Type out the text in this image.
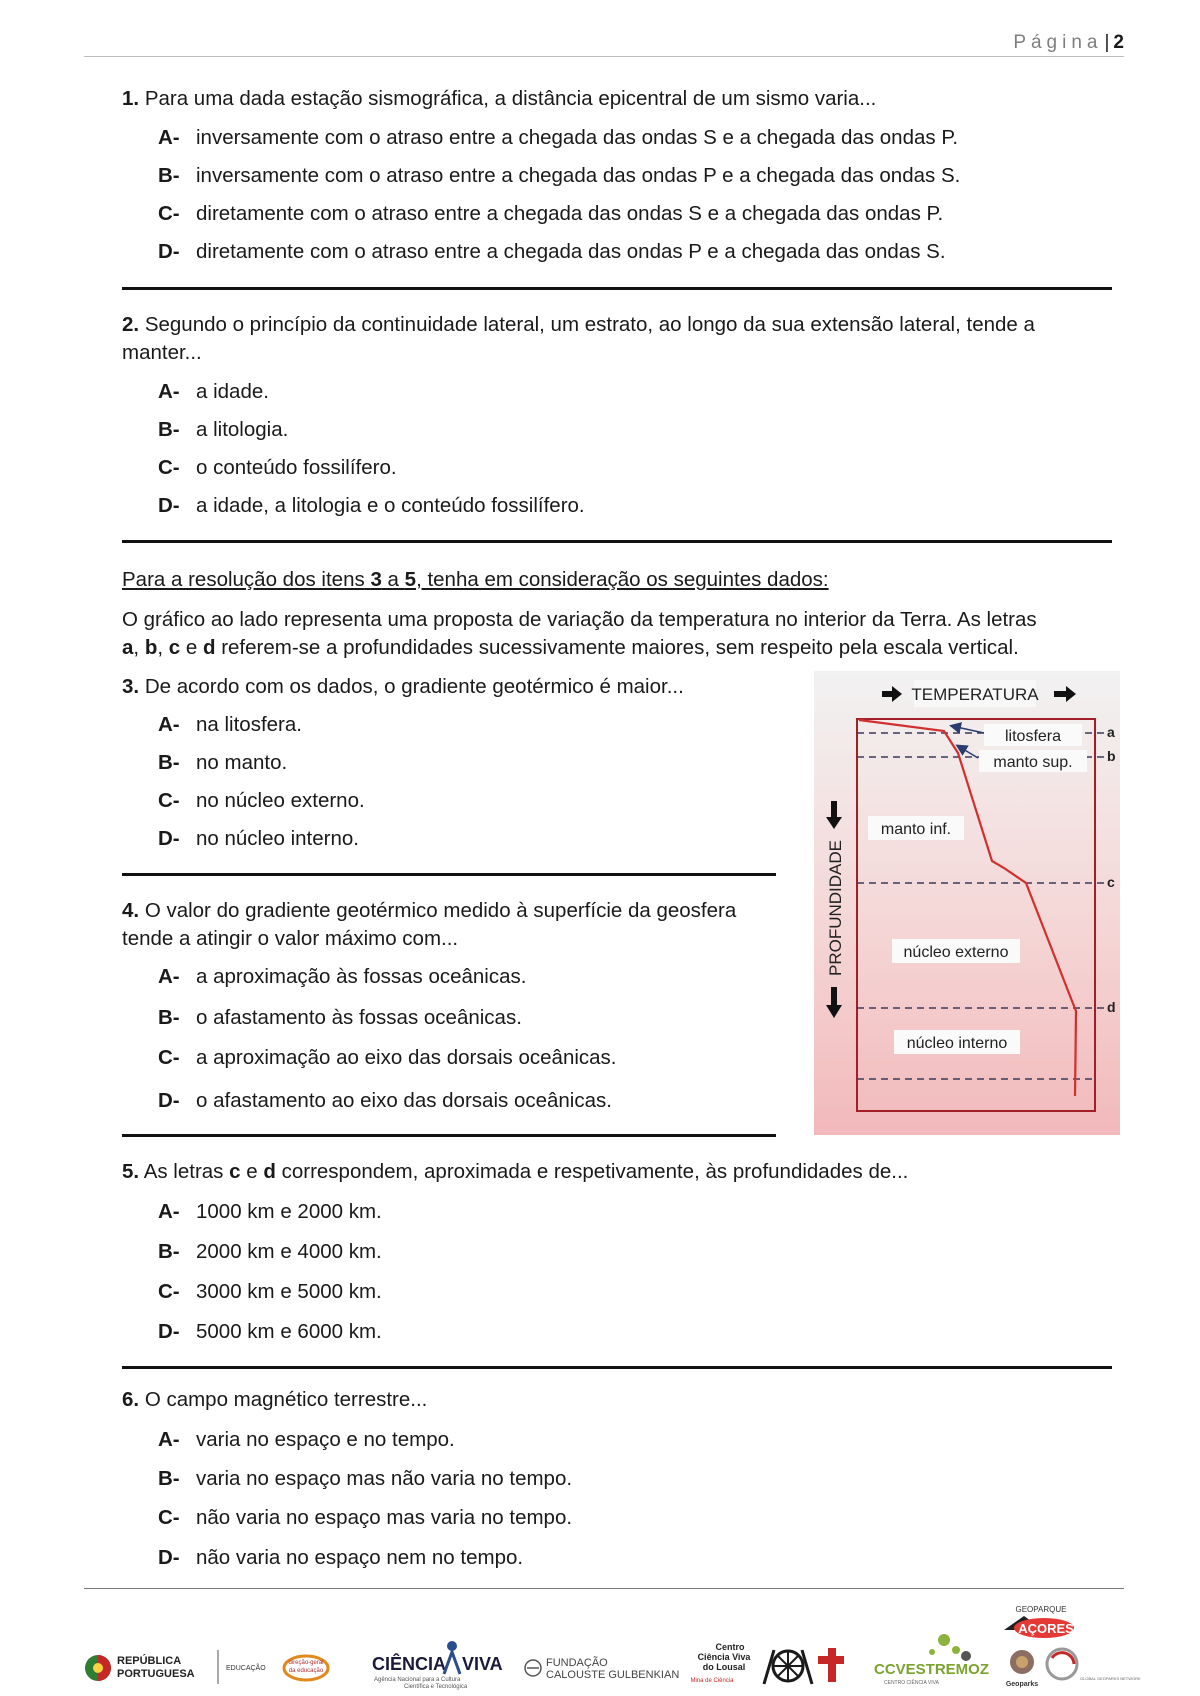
Página | 2
1. Para uma dada estação sismográfica, a distância epicentral de um sismo varia...
A- inversamente com o atraso entre a chegada das ondas S e a chegada das ondas P.
B- inversamente com o atraso entre a chegada das ondas P e a chegada das ondas S.
C- diretamente com o atraso entre a chegada das ondas S e a chegada das ondas P.
D- diretamente com o atraso entre a chegada das ondas P e a chegada das ondas S.
2. Segundo o princípio da continuidade lateral, um estrato, ao longo da sua extensão lateral, tende a
manter...
A- a idade.
B- a litologia.
C- o conteúdo fossilífero.
D- a idade, a litologia e o conteúdo fossilífero.
Para a resolução dos itens 3 a 5, tenha em consideração os seguintes dados:
O gráfico ao lado representa uma proposta de variação da temperatura no interior da Terra. As letras
a, b, c e d referem-se a profundidades sucessivamente maiores, sem respeito pela escala vertical.
3. De acordo com os dados, o gradiente geotérmico é maior...
A- na litosfera.
B- no manto.
C- no núcleo externo.
D- no núcleo interno.
4. O valor do gradiente geotérmico medido à superfície da geosfera
tende a atingir o valor máximo com...
A- a aproximação às fossas oceânicas.
B- o afastamento às fossas oceânicas.
C- a aproximação ao eixo das dorsais oceânicas.
D- o afastamento ao eixo das dorsais oceânicas.
TEMPERATURA
a
b
c
d
litosfera
manto sup.
manto inf.
núcleo externo
núcleo interno
PROFUNDIDADE
5. As letras c e d correspondem, aproximada e respetivamente, às profundidades de...
A- 1000 km e 2000 km.
B- 2000 km e 4000 km.
C- 3000 km e 5000 km.
D- 5000 km e 6000 km.
6. O campo magnético terrestre...
A- varia no espaço e no tempo.
B- varia no espaço mas não varia no tempo.
C- não varia no espaço mas varia no tempo.
D- não varia no espaço nem no tempo.
REPÚBLICA
PORTUGUESA	EDUCAÇÃO
direção-geral
da educação	CIÊNCIA VIVA
Agência Nacional para a Cultura
Científica e Tecnológica
FUNDAÇÃO
CALOUSTE GULBENKIAN
Centro
Ciência Viva
do Lousal
Mina de Ciência
CCVESTREMOZ
CENTRO CIÊNCIA VIVA
GEOPARQUE
AÇORES
Geoparks
GLOBAL GEOPARKS NETWORK
